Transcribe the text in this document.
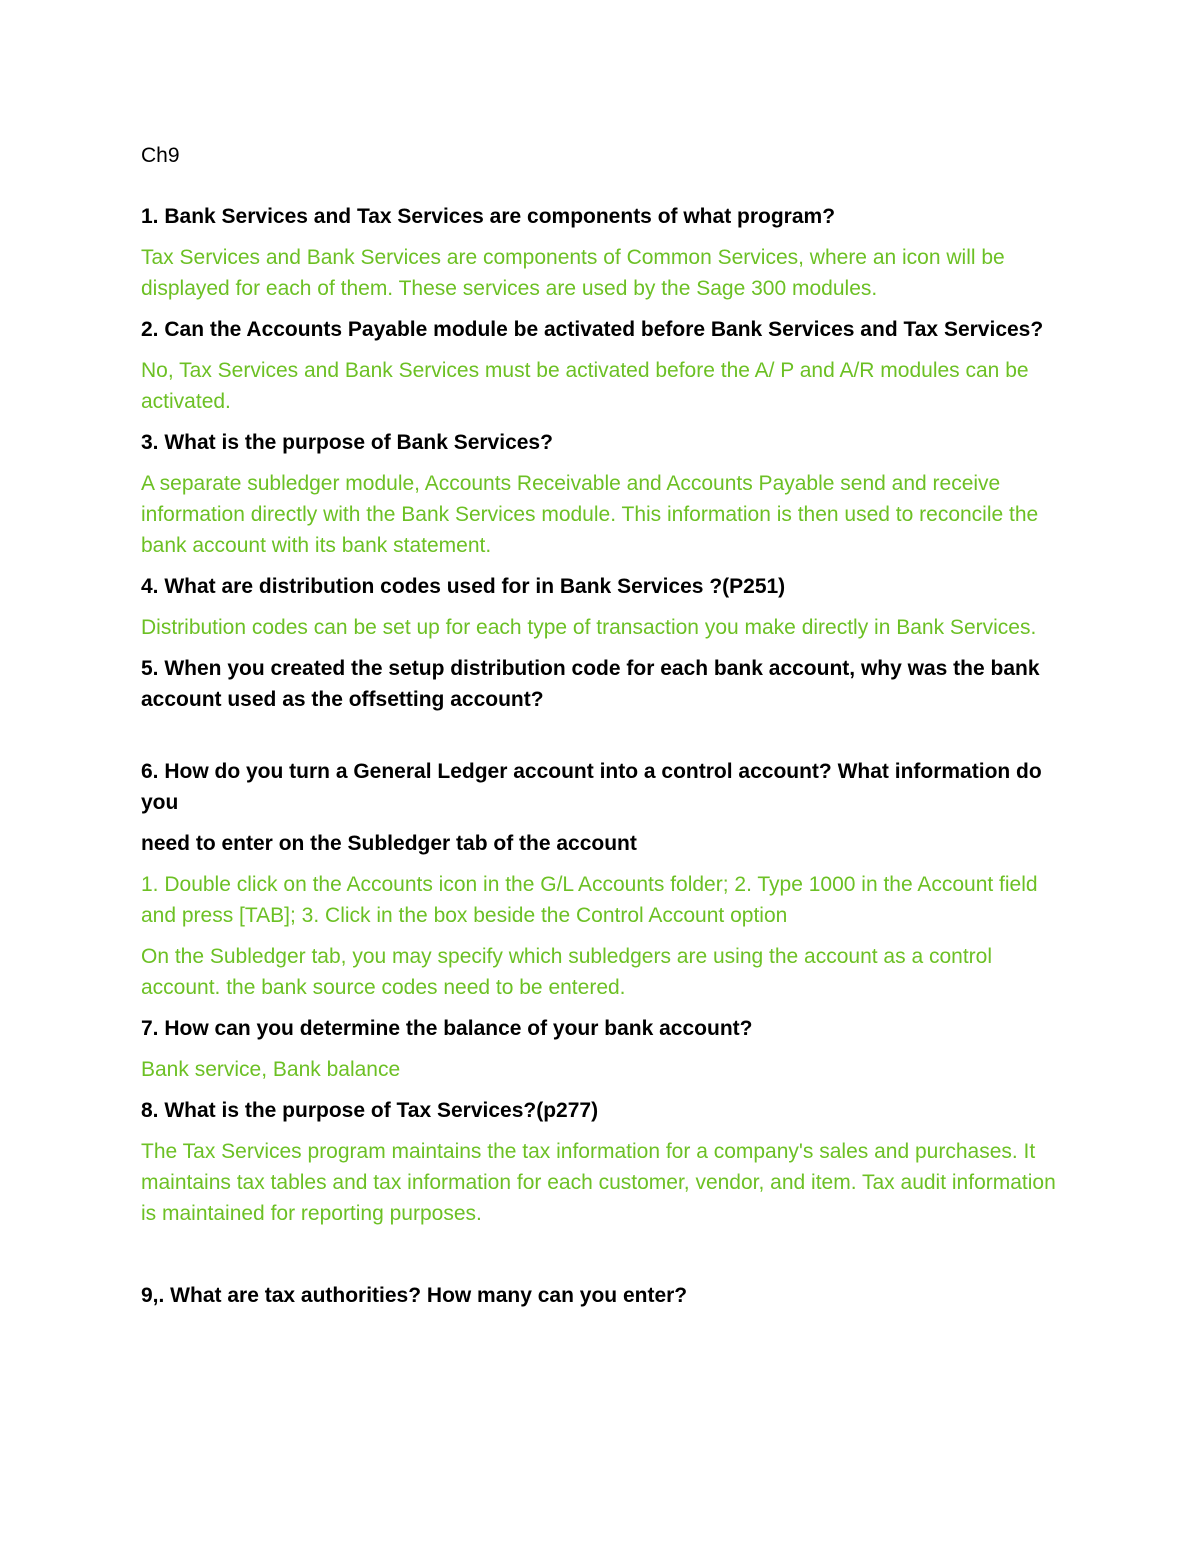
Ch9

1. Bank Services and Tax Services are components of what program?

Tax Services and Bank Services are components of Common Services, where an icon will be displayed for each of them. These services are used by the Sage 300 modules.

2. Can the Accounts Payable module be activated before Bank Services and Tax Services?

No, Tax Services and Bank Services must be activated before the A/ P and A/R modules can be activated.

3. What is the purpose of Bank Services?

A separate subledger module, Accounts Receivable and Accounts Payable send and receive information directly with the Bank Services module. This information is then used to reconcile the bank account with its bank statement.

4. What are distribution codes used for in Bank Services ?(P251)

Distribution codes can be set up for each type of transaction you make directly in Bank Services.

5. When you created the setup distribution code for each bank account, why was the bank account used as the offsetting account?

6. How do you turn a General Ledger account into a control account? What information do you

need to enter on the Subledger tab of the account

1. Double click on the Accounts icon in the G/L Accounts folder; 2. Type 1000 in the Account field and press [TAB]; 3. Click in the box beside the Control Account option

On the Subledger tab, you may specify which subledgers are using the account as a control account. the bank source codes need to be entered.

7. How can you determine the balance of your bank account?

Bank service, Bank balance

8. What is the purpose of Tax Services?(p277)

The Tax Services program maintains the tax information for a company's sales and purchases. It maintains tax tables and tax information for each customer, vendor, and item. Tax audit information is maintained for reporting purposes.

9,. What are tax authorities? How many can you enter?
